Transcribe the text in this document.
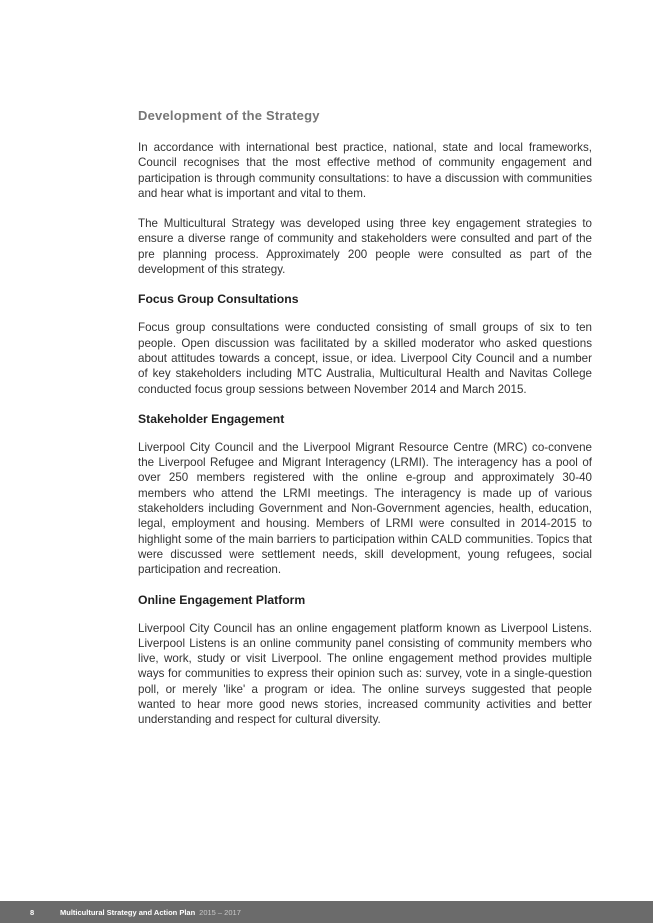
Development of the Strategy

In accordance with international best practice, national, state and local frameworks, Council recognises that the most effective method of community engagement and participation is through community consultations: to have a discussion with communities and hear what is important and vital to them.

The Multicultural Strategy was developed using three key engagement strategies to ensure a diverse range of community and stakeholders were consulted and part of the pre planning process. Approximately 200 people were consulted as part of the development of this strategy.

Focus Group Consultations

Focus group consultations were conducted consisting of small groups of six to ten people. Open discussion was facilitated by a skilled moderator who asked questions about attitudes towards a concept, issue, or idea. Liverpool City Council and a number of key stakeholders including MTC Australia, Multicultural Health and Navitas College conducted focus group sessions between November 2014 and March 2015.

Stakeholder Engagement

Liverpool City Council and the Liverpool Migrant Resource Centre (MRC) co-convene the Liverpool Refugee and Migrant Interagency (LRMI). The interagency has a pool of over 250 members registered with the online e-group and approximately 30-40 members who attend the LRMI meetings. The interagency is made up of various stakeholders including Government and Non-Government agencies, health, education, legal, employment and housing. Members of LRMI were consulted in 2014-2015 to highlight some of the main barriers to participation within CALD communities. Topics that were discussed were settlement needs, skill development, young refugees, social participation and recreation.

Online Engagement Platform

Liverpool City Council has an online engagement platform known as Liverpool Listens. Liverpool Listens is an online community panel consisting of community members who live, work, study or visit Liverpool. The online engagement method provides multiple ways for communities to express their opinion such as: survey, vote in a single-question poll, or merely 'like' a program or idea. The online surveys suggested that people wanted to hear more good news stories, increased community activities and better understanding and respect for cultural diversity.

8	Multicultural Strategy and Action Plan 2015 – 2017
